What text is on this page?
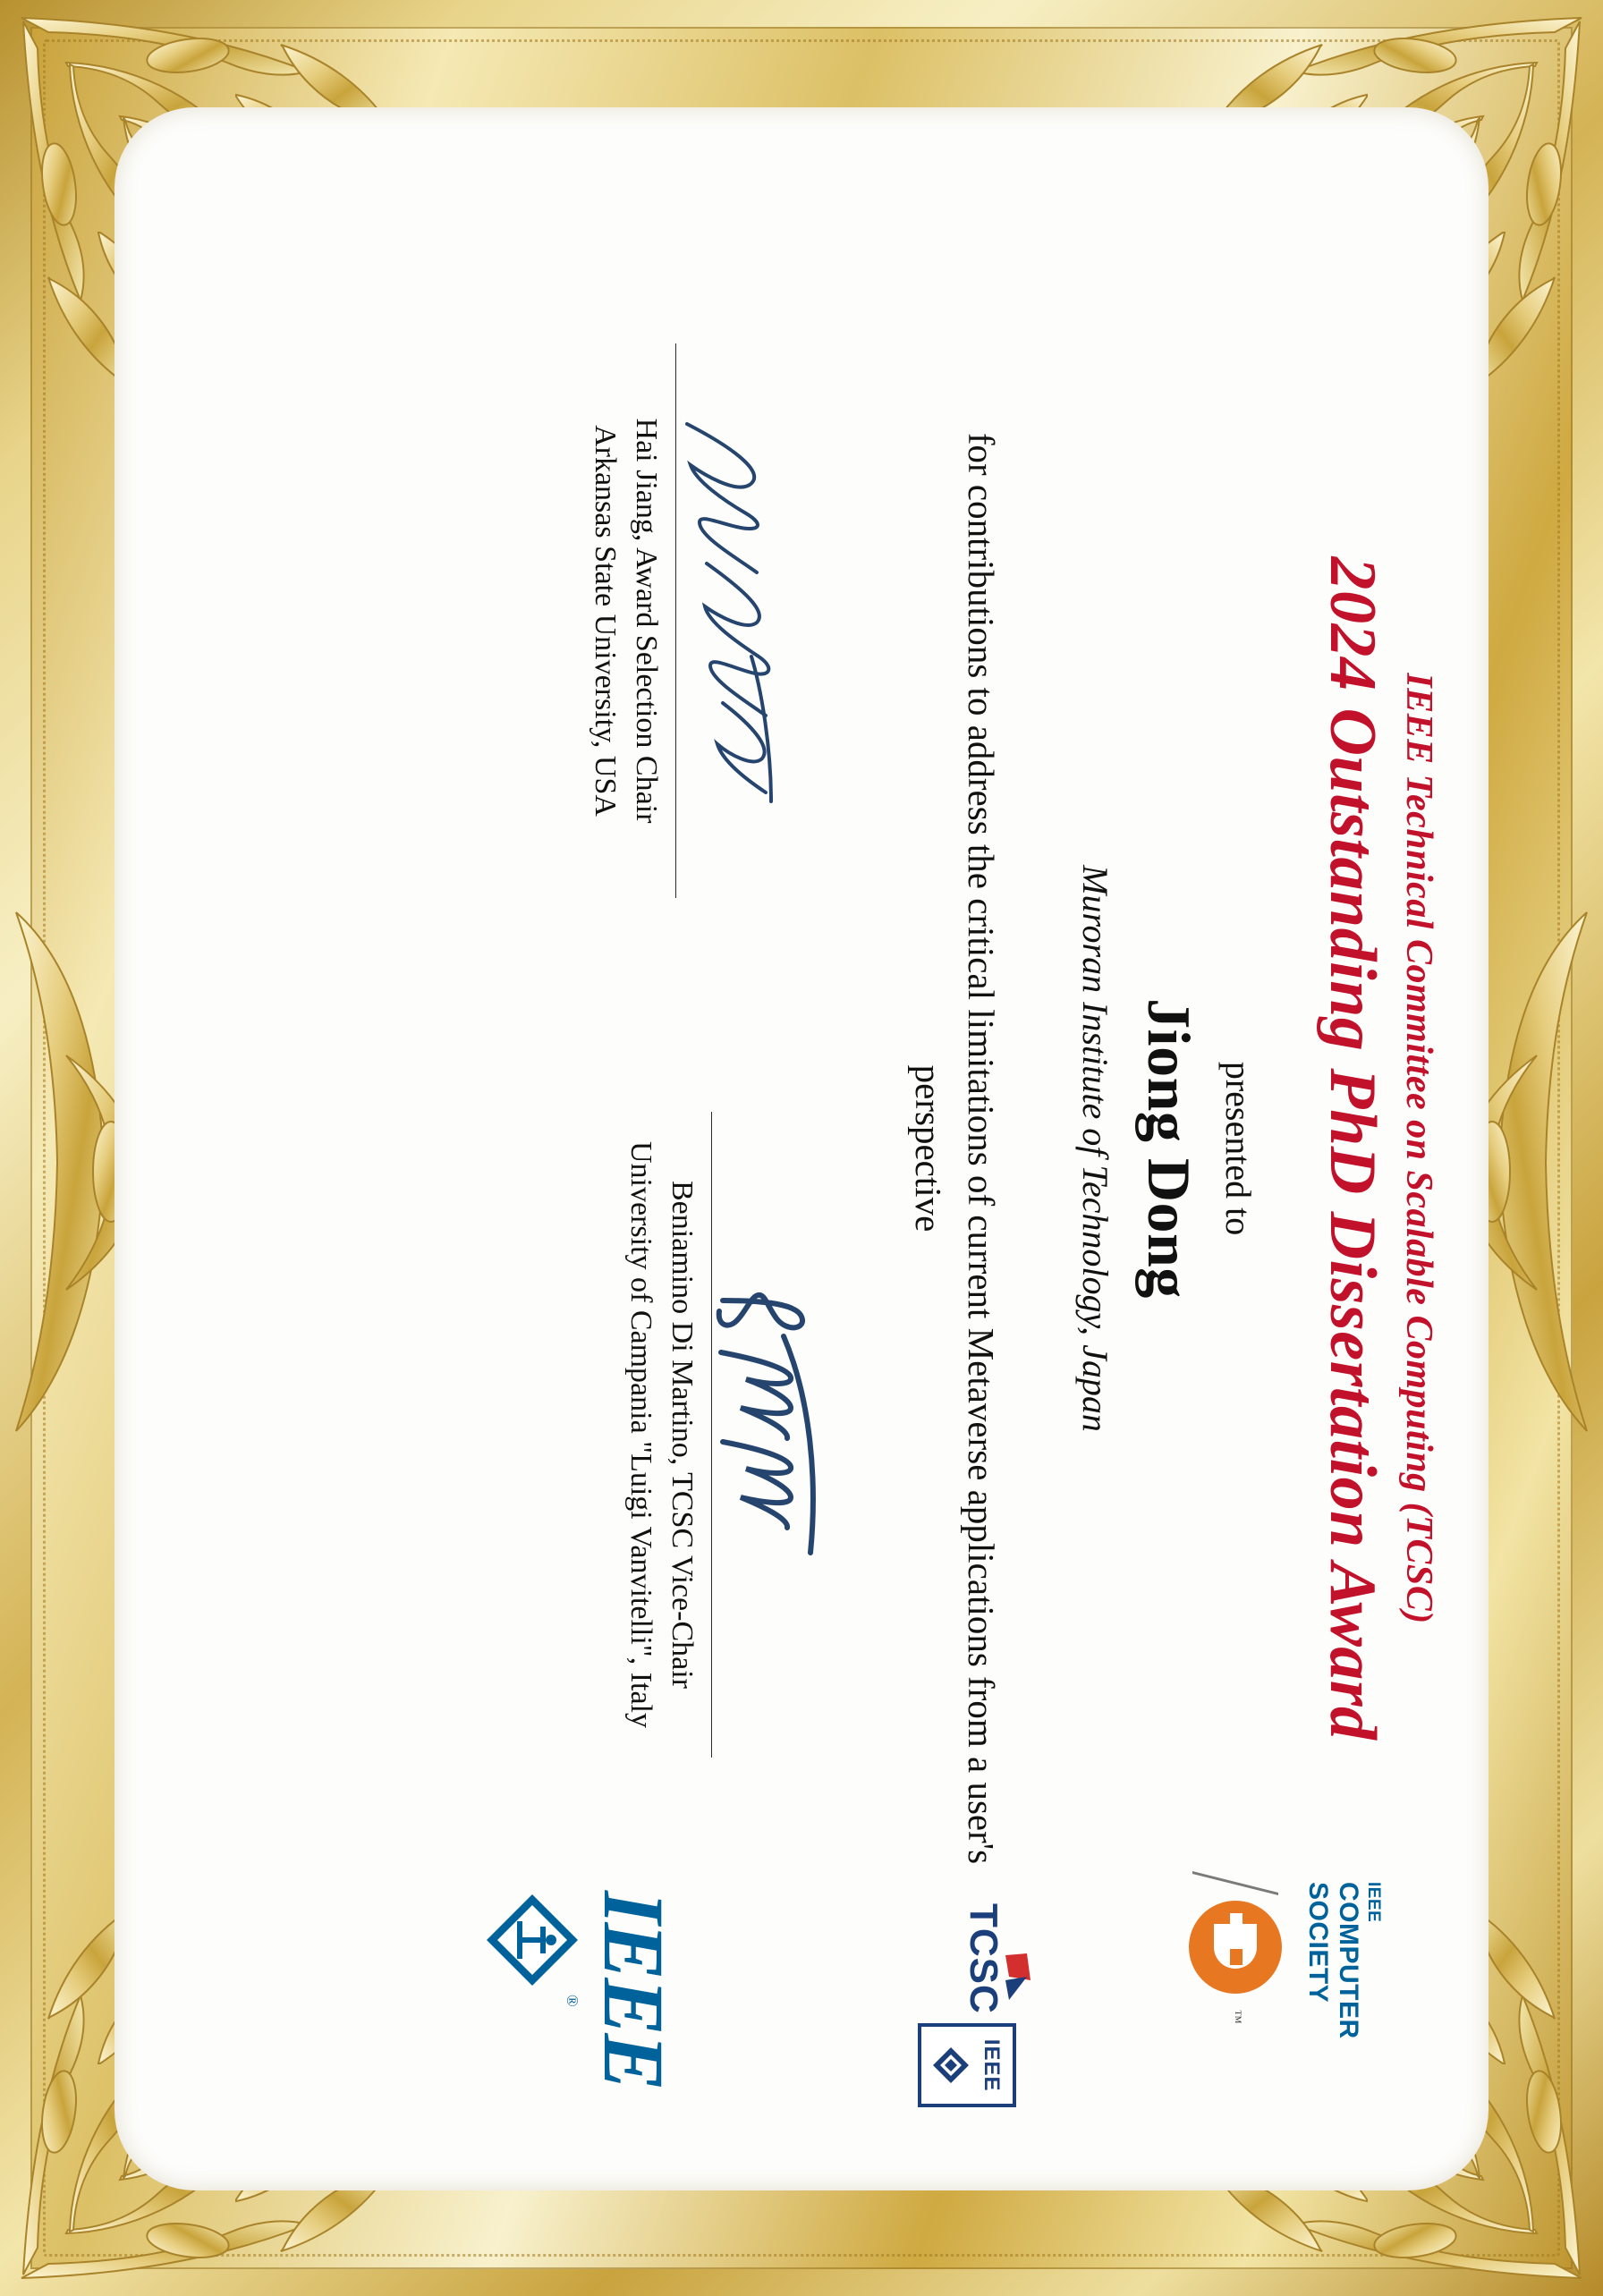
IEEE Technical Committee on Scalable Computing (TCSC)
2024 Outstanding PhD Dissertation Award
presented to
Jiong Dong
Muroran Institute of Technology, Japan
for contributions to address the critical limitations of current Metaverse applications from a user's perspective
Hai Jiang, Award Selection Chair
Arkansas State University, USA
Beniamino Di Martino, TCSC Vice-Chair
University of Campania "Luigi Vanvitelli", Italy
IEEE
COMPUTER
SOCIETY
™
TCSC
IEEE
IEEE
®
